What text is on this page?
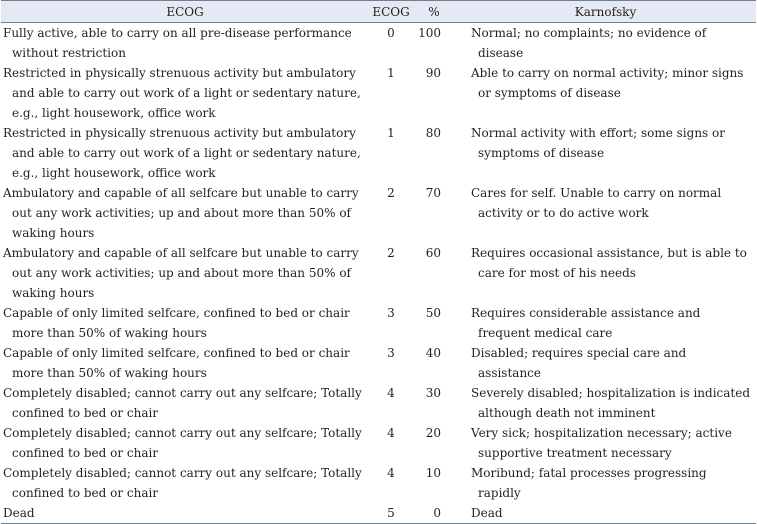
ECOG	ECOG	%	Karnofsky

Fully active, able to carry on all pre-disease performance without restriction	0	100	Normal; no complaints; no evidence of disease

Restricted in physically strenuous activity but ambulatory and able to carry out work of a light or sedentary nature, e.g., light housework, office work	1	90	Able to carry on normal activity; minor signs or symptoms of disease

Restricted in physically strenuous activity but ambulatory and able to carry out work of a light or sedentary nature, e.g., light housework, office work	1	80	Normal activity with effort; some signs or symptoms of disease

Ambulatory and capable of all selfcare but unable to carry out any work activities; up and about more than 50% of waking hours	2	70	Cares for self. Unable to carry on normal activity or to do active work

Ambulatory and capable of all selfcare but unable to carry out any work activities; up and about more than 50% of waking hours	2	60	Requires occasional assistance, but is able to care for most of his needs

Capable of only limited selfcare, confined to bed or chair more than 50% of waking hours	3	50	Requires considerable assistance and frequent medical care

Capable of only limited selfcare, confined to bed or chair more than 50% of waking hours	3	40	Disabled; requires special care and assistance

Completely disabled; cannot carry out any selfcare; Totally confined to bed or chair	4	30	Severely disabled; hospitalization is indicated although death not imminent

Completely disabled; cannot carry out any selfcare; Totally confined to bed or chair	4	20	Very sick; hospitalization necessary; active supportive treatment necessary

Completely disabled; cannot carry out any selfcare; Totally confined to bed or chair	4	10	Moribund; fatal processes progressing rapidly

Dead	5	0	Dead
